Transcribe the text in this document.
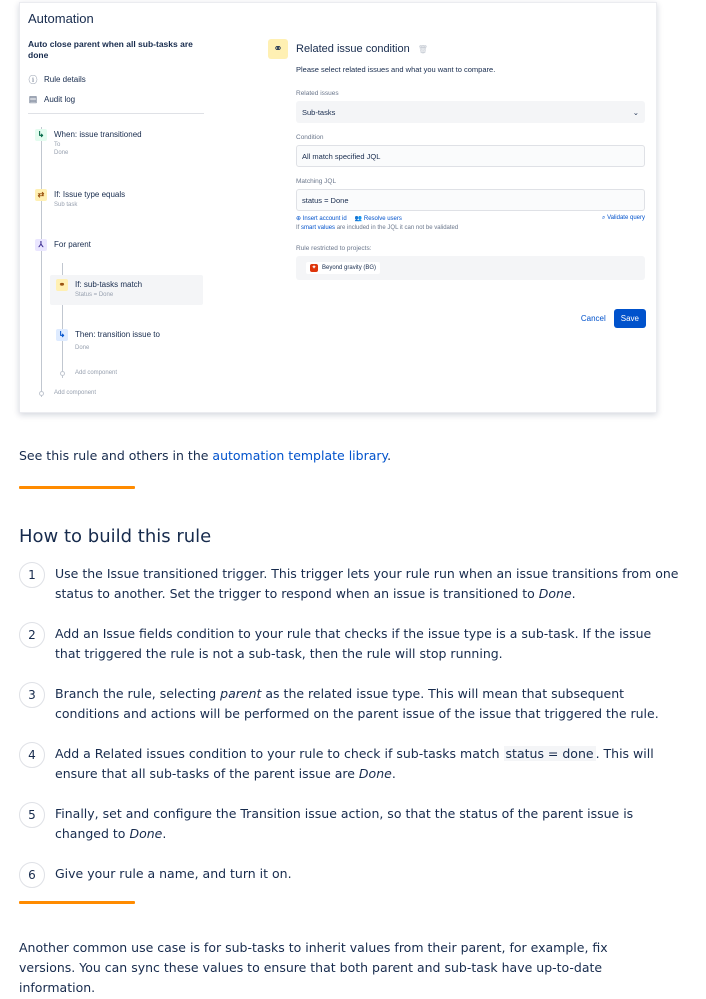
Automation
Auto close parent when all sub-tasks are done
ⓘ Rule details
▤ Audit log
↳	When: issue transitioned
To
Done
⇄	If: Issue type equals
Sub task
⅄	For parent
⚭	If: sub-tasks match
Status = Done
↳	Then: transition issue to
Done
Add component
Add component
⚭	Related issue condition 🗑
Please select related issues and what you want to compare.
Related issues
Sub-tasks	⌄
Condition
All match specified JQL
Matching JQL
status = Done
⊕ Insert account id 👥 Resolve users	⌕ Validate query
If smart values are included in the JQL it can not be validated
Rule restricted to projects:
✦ Beyond gravity (BG)
Cancel	Save
See this rule and others in the automation template library.
How to build this rule
1	Use the Issue transitioned trigger. This trigger lets your rule run when an issue transitions from one status to another. Set the trigger to respond when an issue is transitioned to Done.
2	Add an Issue fields condition to your rule that checks if the issue type is a sub-task. If the issue that triggered the rule is not a sub-task, then the rule will stop running.
3	Branch the rule, selecting parent as the related issue type. This will mean that subsequent conditions and actions will be performed on the parent issue of the issue that triggered the rule.
4	Add a Related issues condition to your rule to check if sub-tasks match status = done . This will ensure that all sub-tasks of the parent issue are Done.
5	Finally, set and configure the Transition issue action, so that the status of the parent issue is changed to Done.
6	Give your rule a name, and turn it on.

Another common use case is for sub-tasks to inherit values from their parent, for example, fix versions. You can sync these values to ensure that both parent and sub-task have up-to-date information.
